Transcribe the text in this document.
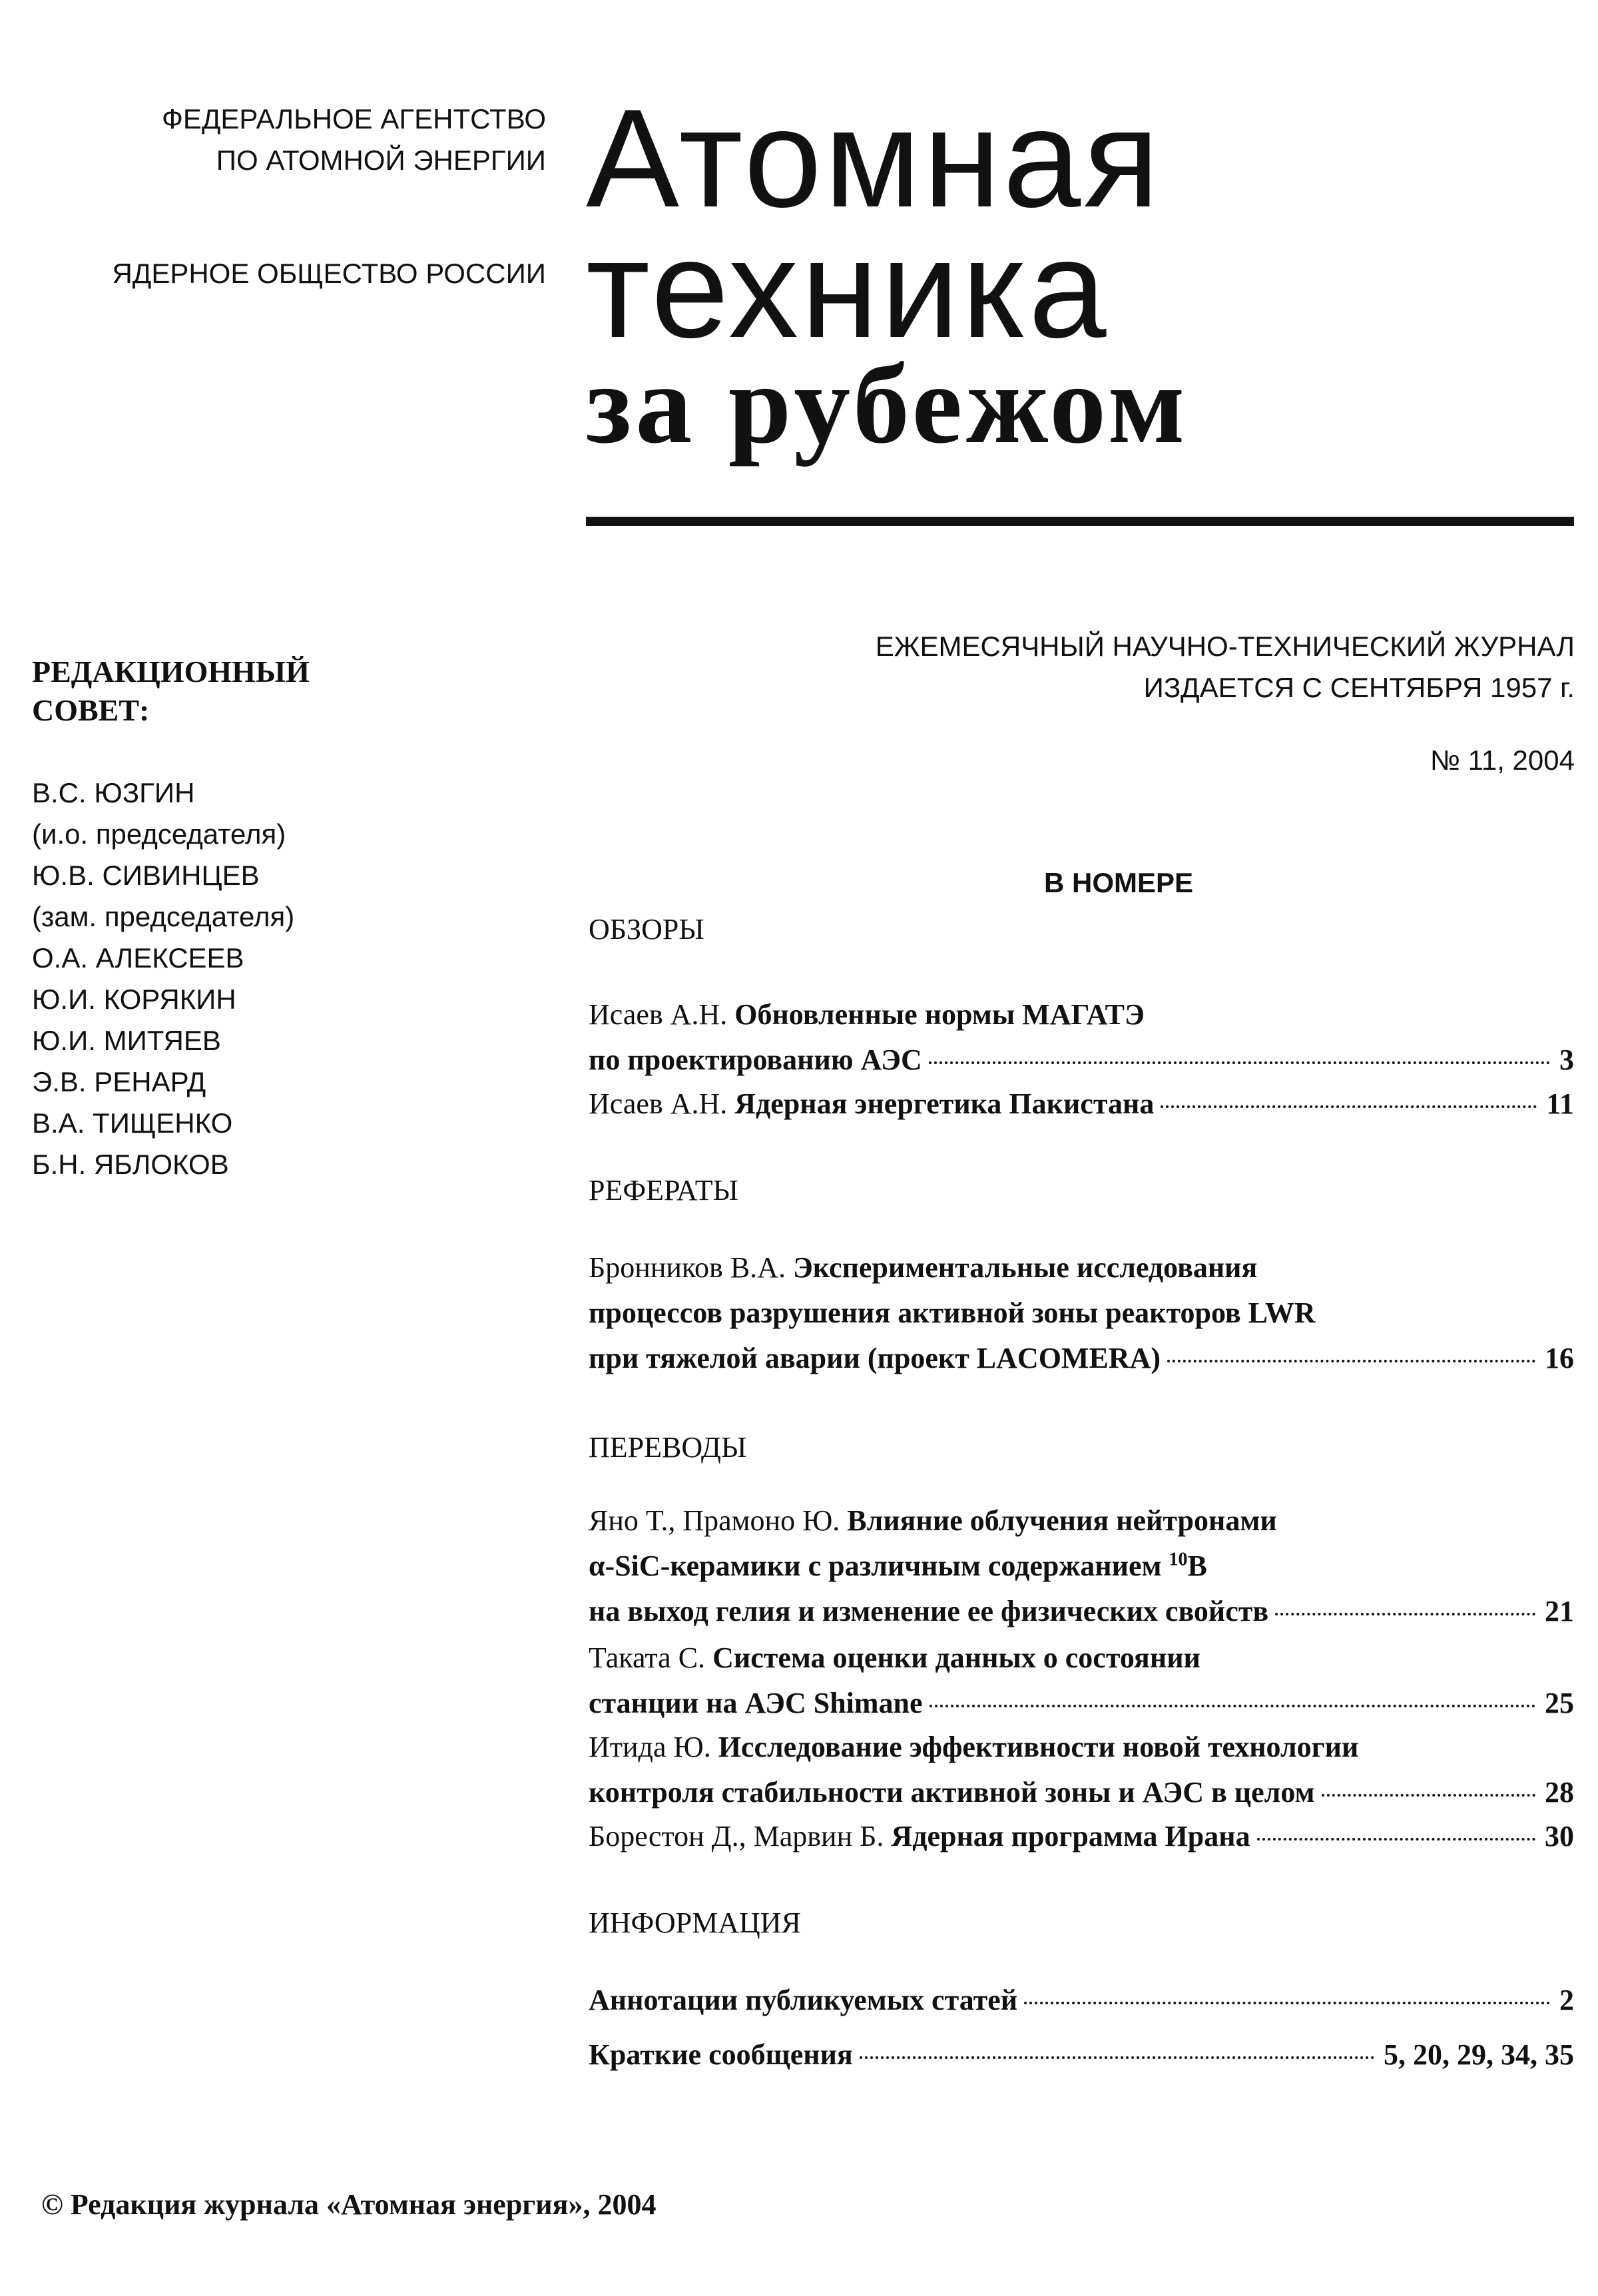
ФЕДЕРАЛЬНОЕ АГЕНТСТВО
ПО АТОМНОЙ ЭНЕРГИИ
ЯДЕРНОЕ ОБЩЕСТВО РОССИИ
Атомная
техника
за рубежом
ЕЖЕМЕСЯЧНЫЙ НАУЧНО-ТЕХНИЧЕСКИЙ ЖУРНАЛ
ИЗДАЕТСЯ С СЕНТЯБРЯ 1957 г.
№ 11, 2004
РЕДАКЦИОННЫЙ СОВЕТ:
В.С. ЮЗГИН
(и.о. председателя)
Ю.В. СИВИНЦЕВ
(зам. председателя)
О.А. АЛЕКСЕЕВ
Ю.И. КОРЯКИН
Ю.И. МИТЯЕВ
Э.В. РЕНАРД
В.А. ТИЩЕНКО
Б.Н. ЯБЛОКОВ
В НОМЕРЕ
ОБЗОРЫ
Исаев А.Н. Обновленные нормы МАГАТЭ
по проектированию АЭС	3
Исаев А.Н.
Ядерная энергетика Пакистана	11
РЕФЕРАТЫ
Бронников В.А. Экспериментальные исследования
процессов разрушения активной зоны реакторов LWR
при тяжелой аварии (проект LACOMERA)	16
ПЕРЕВОДЫ
Яно Т., Прамоно Ю. Влияние облучения нейтронами
α-SiC-керамики с различным содержанием $^{10}$B
на выход гелия и изменение ее физических свойств	21
Таката С. Система оценки данных о состоянии
станции на АЭС Shimane	25
Итида Ю. Исследование эффективности новой технологии
контроля стабильности активной зоны и АЭС в целом	28
Борестон Д., Марвин Б.
Ядерная программа Ирана	30
ИНФОРМАЦИЯ
Аннотации публикуемых статей	2
Краткие сообщения	5, 20, 29, 34, 35
© Редакция журнала «Атомная энергия», 2004
